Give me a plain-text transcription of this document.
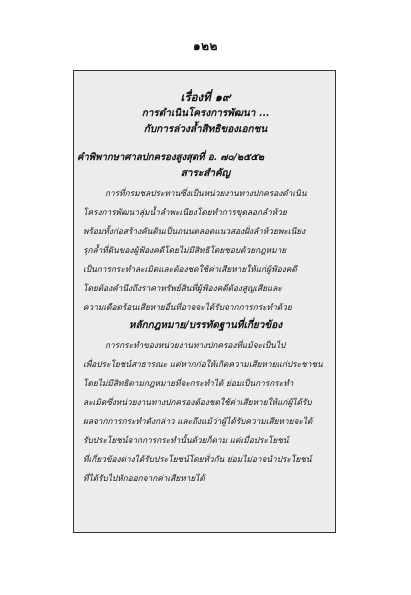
๑๒๒

เรื่องที่ ๑๙

การดำเนินโครงการพัฒนา ...

กับการล่วงล้ำสิทธิของเอกชน

คำพิพากษาศาลปกครองสูงสุดที่ อ. ๗๐/๒๕๕๒

สาระสำคัญ

การที่กรมชลประทานซึ่งเป็นหน่วยงานทางปกครองดำเนิน
โครงการพัฒนาลุ่มน้ำลำพะเนียงโดยทำการขุดลอกลำห้วย
พร้อมทั้งก่อสร้างคันดินเป็นถนนตลอดแนวสองฝั่งลำห้วยพะเนียง
รุกล้ำที่ดินของผู้ฟ้องคดีโดยไม่มีสิทธิโดยชอบด้วยกฎหมาย
เป็นการกระทำละเมิดและต้องชดใช้ค่าเสียหายให้แก่ผู้ฟ้องคดี
โดยต้องคำนึงถึงราคาทรัพย์สินที่ผู้ฟ้องคดีต้องสูญเสียและ
ความเดือดร้อนเสียหายอื่นที่อาจจะได้รับจากการกระทำด้วย

หลักกฎหมาย/บรรทัดฐานที่เกี่ยวข้อง

การกระทำของหน่วยงานทางปกครองที่แม้จะเป็นไป
เพื่อประโยชน์สาธารณะ แต่หากก่อให้เกิดความเสียหายแก่ประชาชน
โดยไม่มีสิทธิตามกฎหมายที่จะกระทำได้ ย่อมเป็นการกระทำ
ละเมิดซึ่งหน่วยงานทางปกครองต้องชดใช้ค่าเสียหายให้แก่ผู้ได้รับ
ผลจากการกระทำดังกล่าว และถึงแม้ว่าผู้ได้รับความเสียหายจะได้
รับประโยชน์จากการกระทำนั้นด้วยก็ตาม แต่เมื่อประโยชน์
ที่เกี่ยวข้องต่างได้รับประโยชน์โดยทั่วกัน ย่อมไม่อาจนำประโยชน์
ที่ได้รับไปหักออกจากค่าเสียหายได้
